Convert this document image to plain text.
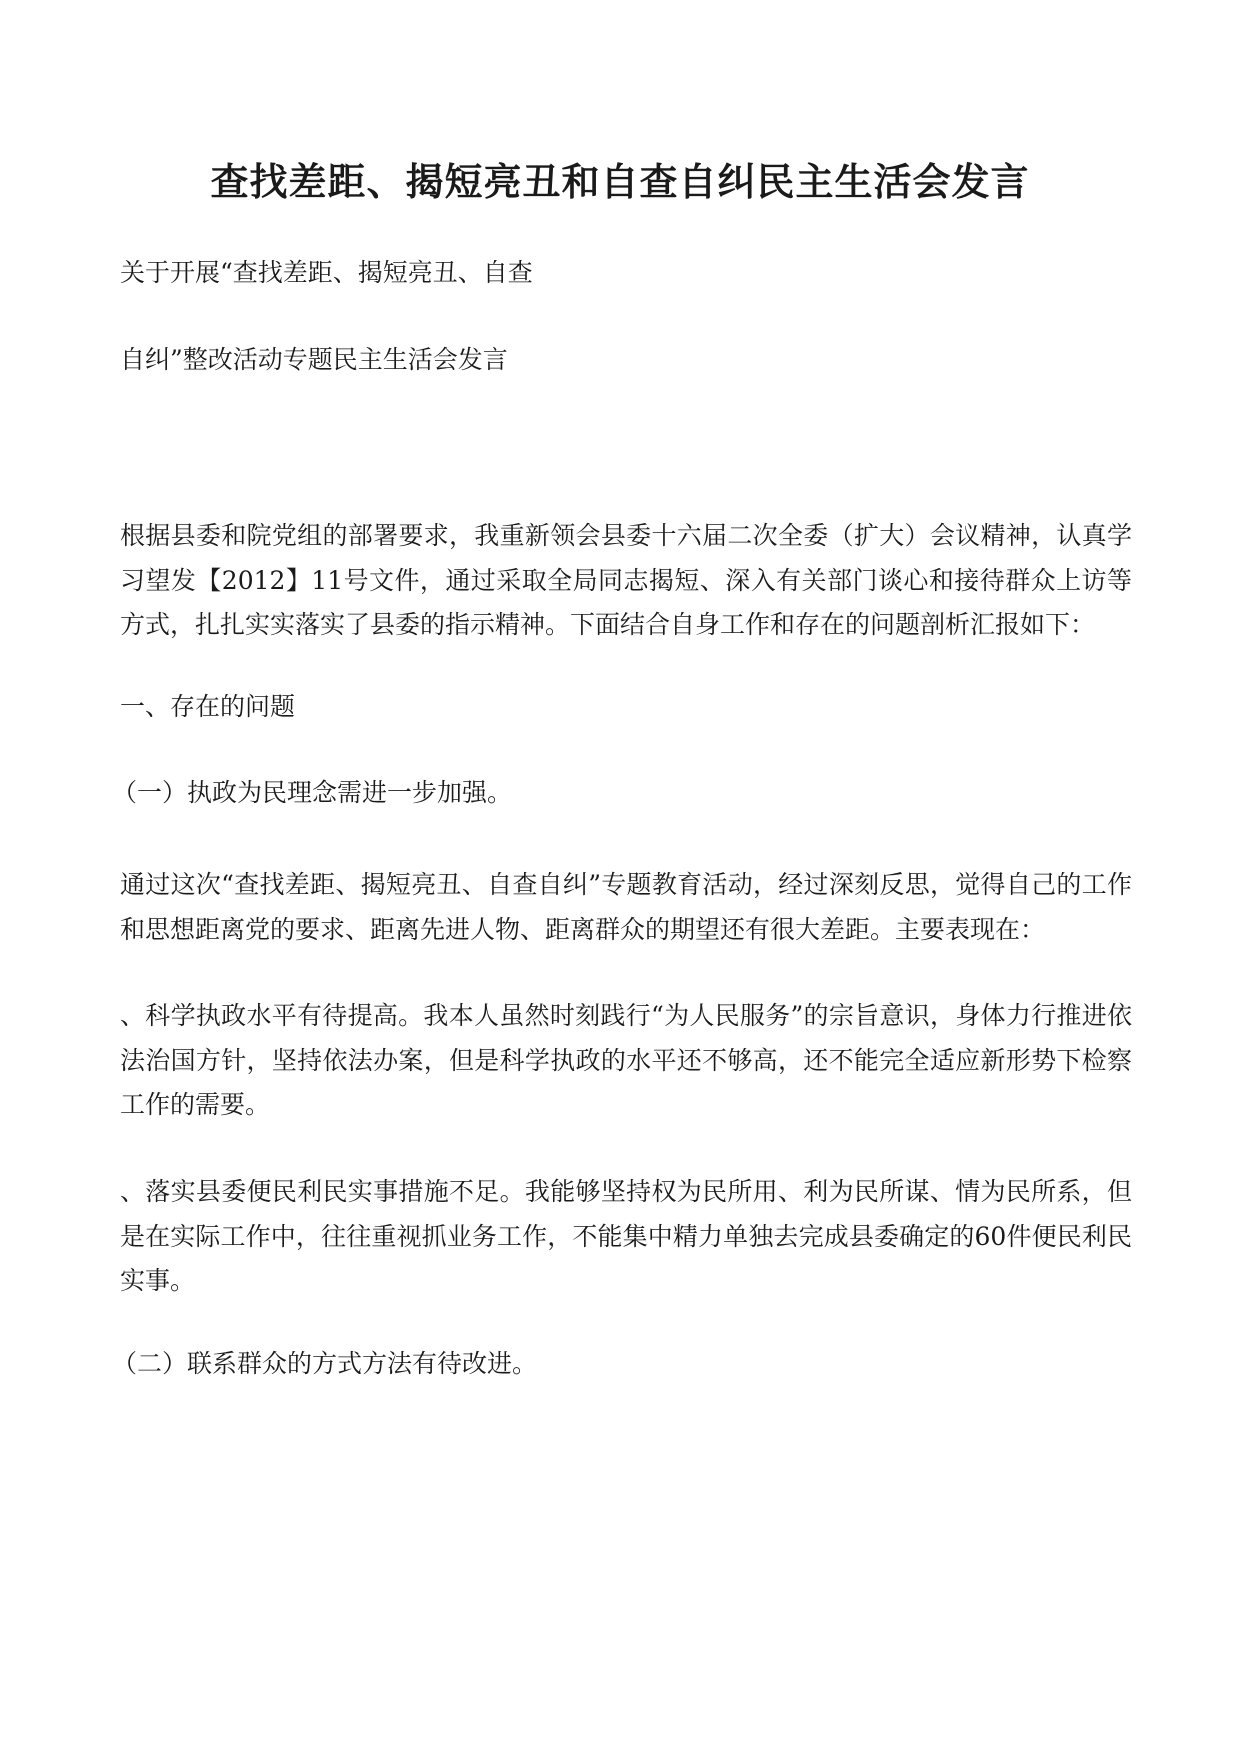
查找差距、揭短亮丑和自查自纠民主生活会发言
关于开展“查找差距、揭短亮丑、自查
自纠”整改活动专题民主生活会发言
根据县委和院党组的部署要求，我重新领会县委十六届二次全委（扩大）会议精神，认真学习望发【2012】11号文件，通过采取全局同志揭短、深入有关部门谈心和接待群众上访等方式，扎扎实实落实了县委的指示精神。下面结合自身工作和存在的问题剖析汇报如下：
一、存在的问题
（一）执政为民理念需进一步加强。
通过这次“查找差距、揭短亮丑、自查自纠”专题教育活动，经过深刻反思，觉得自己的工作和思想距离党的要求、距离先进人物、距离群众的期望还有很大差距。主要表现在：
、科学执政水平有待提高。我本人虽然时刻践行“为人民服务”的宗旨意识，身体力行推进依法治国方针，坚持依法办案，但是科学执政的水平还不够高，还不能完全适应新形势下检察工作的需要。
、落实县委便民利民实事措施不足。我能够坚持权为民所用、利为民所谋、情为民所系，但是在实际工作中，往往重视抓业务工作，不能集中精力单独去完成县委确定的60件便民利民实事。
（二）联系群众的方式方法有待改进。
